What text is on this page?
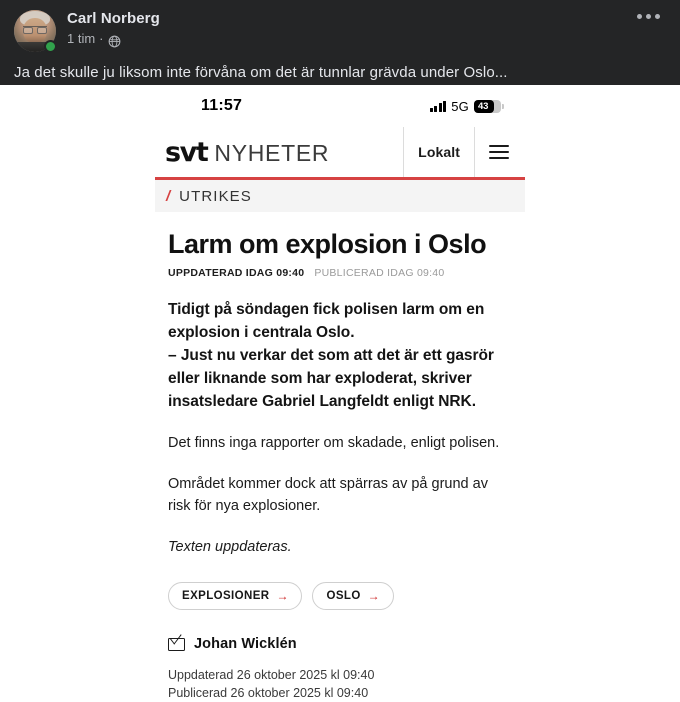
Carl Norberg
1 tim ·
Ja det skulle ju liksom inte förvåna om det är tunnlar grävda under Oslo...
11:57	5G 43
svt NYHETER	Lokalt
/ UTRIKES
Larm om explosion i Oslo
UPPDATERAD IDAG 09:40 PUBLICERAD IDAG 09:40

Tidigt på söndagen fick polisen larm om en explosion i centrala Oslo.
– Just nu verkar det som att det är ett gasrör eller liknande som har exploderat, skriver insatsledare Gabriel Langfeldt enligt NRK.

Det finns inga rapporter om skadade, enligt polisen.

Området kommer dock att spärras av på grund av risk för nya explosioner.

Texten uppdateras.

EXPLOSIONER →	OSLO →
Johan Wicklén
Uppdaterad 26 oktober 2025 kl 09:40
Publicerad 26 oktober 2025 kl 09:40
